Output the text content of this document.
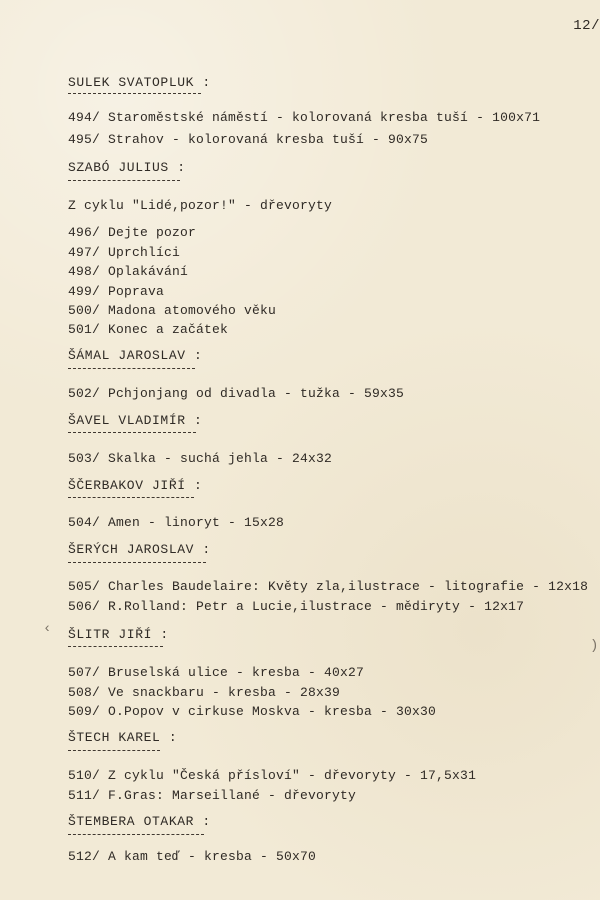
12/
SULEK SVATOPLUK :
494/ Staroměstské náměstí - kolorovaná kresba tuší - 100x71
495/ Strahov - kolorovaná kresba tuší - 90x75
SZABÓ JULIUS :
Z cyklu "Lidé,pozor!" - dřevoryty
496/ Dejte pozor
497/ Uprchlíci
498/ Oplakávání
499/ Poprava
500/ Madona atomového věku
501/ Konec a začátek
ŠÁMAL JAROSLAV :
502/ Pchjonjang od divadla - tužka - 59x35
ŠAVEL VLADIMÍR :
503/ Skalka - suchá jehla - 24x32
ŠČERBAKOV JIŘÍ :
504/ Amen - linoryt - 15x28
ŠERÝCH JAROSLAV :
505/ Charles Baudelaire: Květy zla,ilustrace - litografie - 12x18
506/ R.Rolland: Petr a Lucie,ilustrace - mědiryty - 12x17
ŠLITR JIŘÍ :
507/ Bruselská ulice - kresba - 40x27
508/ Ve snackbaru - kresba - 28x39
509/ O.Popov v cirkuse Moskva - kresba - 30x30
ŠTECH KAREL :
510/ Z cyklu "Česká přísloví" - dřevoryty - 17,5x31
511/ F.Gras: Marseillané - dřevoryty
ŠTEMBERA OTAKAR :
512/ A kam teď - kresba - 50x70
‹
)
